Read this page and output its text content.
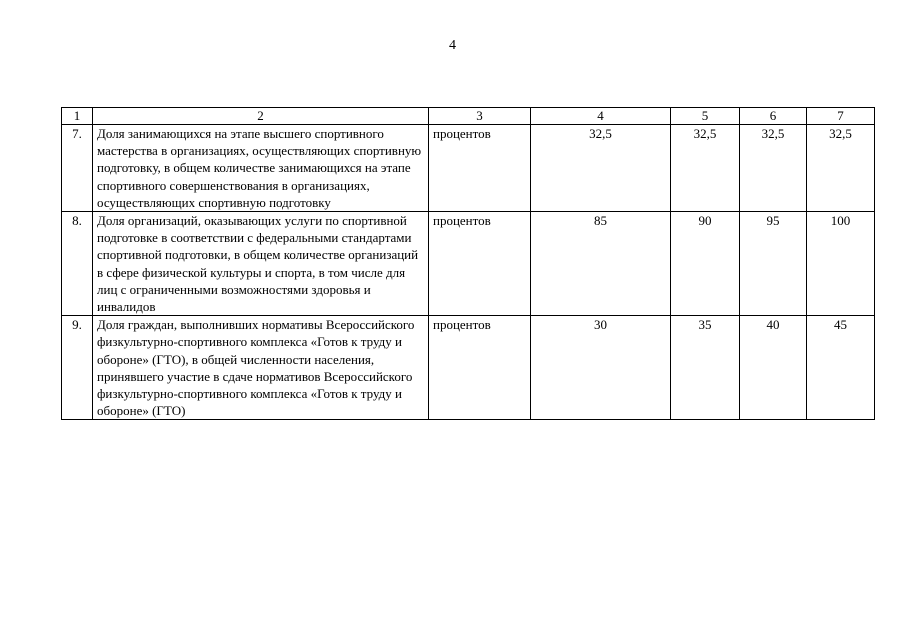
4
1	2	3	4	5	6	7
7.	Доля занимающихся на этапе высшего спортивного мастерства в организациях, осуществляющих спортивную подготовку, в общем количестве занимающихся на этапе спортивного совершенствования в организациях, осуществляющих спортивную подготовку	процентов	32,5	32,5	32,5	32,5
8.	Доля организаций, оказывающих услуги по спортивной подготовке в соответствии с федеральными стандартами спортивной подготовки, в общем количестве организаций в сфере физической культуры и спорта, в том числе для лиц с ограниченными возможностями здоровья и инвалидов	процентов	85	90	95	100
9.	Доля граждан, выполнивших нормативы Всероссийского физкультурно-спортивного комплекса «Готов к труду и обороне» (ГТО), в общей численности населения, принявшего участие в сдаче нормативов Всероссийского физкультурно-спортивного комплекса «Готов к труду и обороне» (ГТО)	процентов	30	35	40	45
